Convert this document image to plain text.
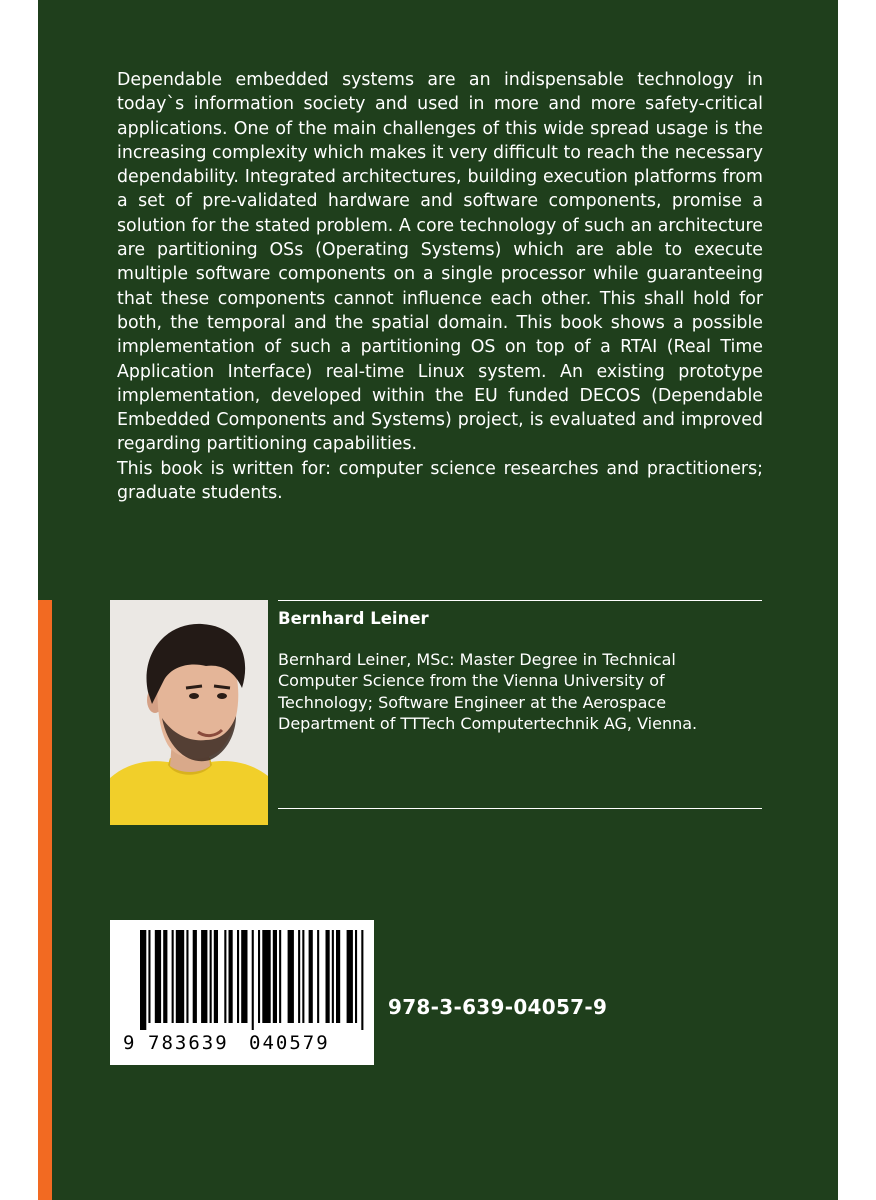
Dependable embedded systems are an indispensable technology in today`s information society and used in more and more safety-critical applications. One of the main challenges of this wide spread usage is the increasing complexity which makes it very difficult to reach the necessary dependability. Integrated architectures, building execution platforms from a set of pre-validated hardware and software components, promise a solution for the stated problem. A core technology of such an architecture are partitioning OSs (Operating Systems) which are able to execute multiple software components on a single processor while guaranteeing that these components cannot influence each other. This shall hold for both, the temporal and the spatial domain. This book shows a possible implementation of such a partitioning OS on top of a RTAI (Real Time Application Interface) real-time Linux system. An existing prototype implementation, developed within the EU funded DECOS (Dependable Embedded Components and Systems) project, is evaluated and improved regarding partitioning capabilities.

This book is written for: computer science researches and practitioners; graduate students.

Bernhard Leiner

Bernhard Leiner, MSc: Master Degree in Technical Computer Science from the Vienna University of Technology; Software Engineer at the Aerospace Department of TTTech Computertechnik AG, Vienna.

9 783639 040579

978-3-639-04057-9
